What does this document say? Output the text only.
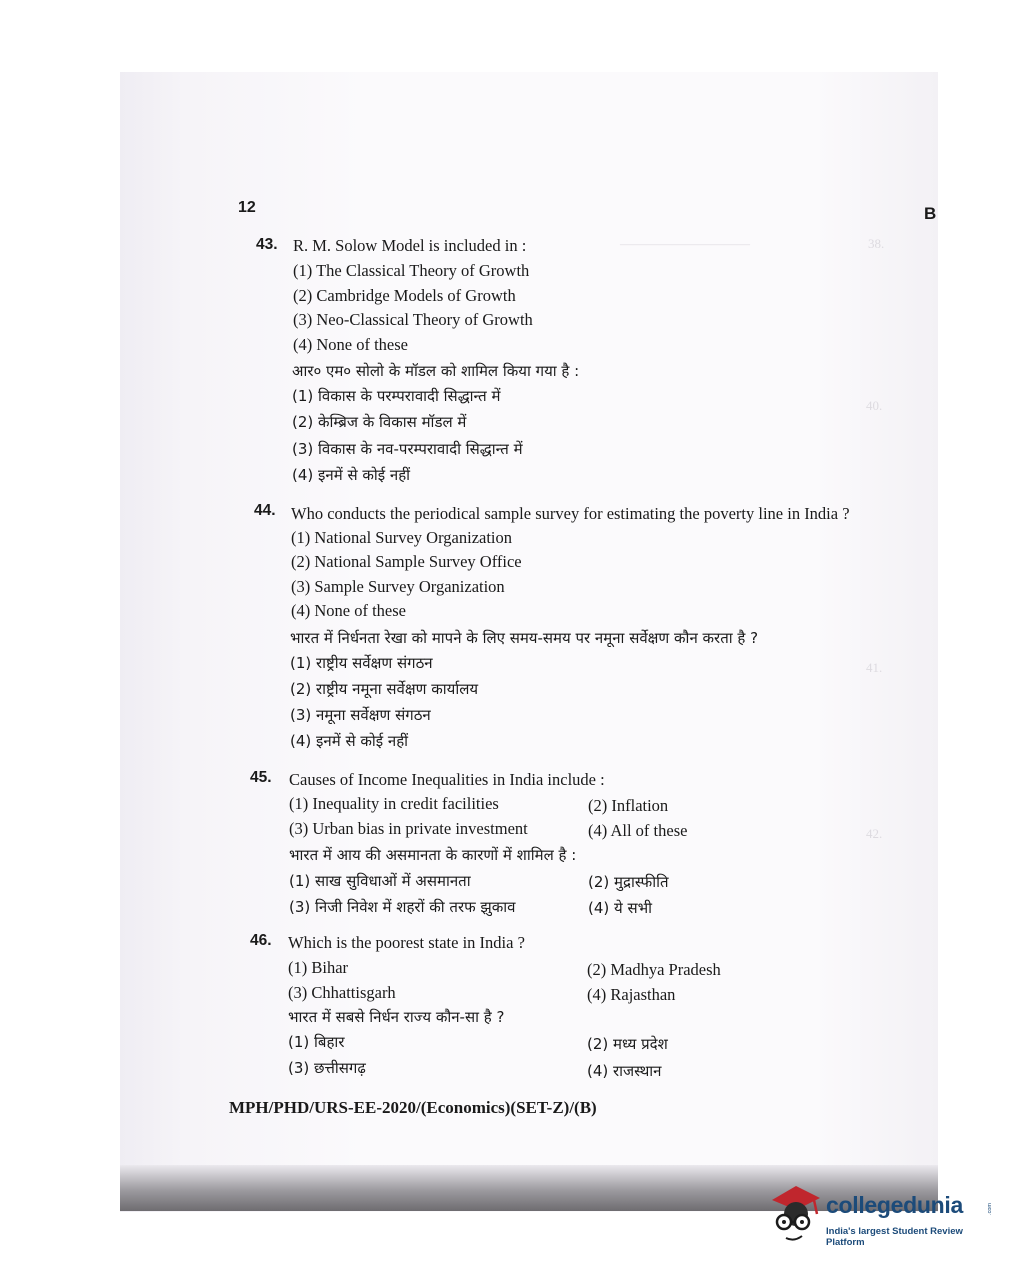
38.
——————————
40.
41.
42.
12	B
43. R. M. Solow Model is included in :
(1) The Classical Theory of Growth
(2) Cambridge Models of Growth
(3) Neo-Classical Theory of Growth
(4) None of these
आर० एम० सोलो के मॉडल को शामिल किया गया है :
(1) विकास के परम्परावादी सिद्धान्त में
(2) केम्ब्रिज के विकास मॉडल में
(3) विकास के नव-परम्परावादी सिद्धान्त में
(4) इनमें से कोई नहीं
44. Who conducts the periodical sample survey for estimating the poverty line in India ?
(1) National Survey Organization
(2) National Sample Survey Office
(3) Sample Survey Organization
(4) None of these
भारत में निर्धनता रेखा को मापने के लिए समय-समय पर नमूना सर्वेक्षण कौन करता है ?
(1) राष्ट्रीय सर्वेक्षण संगठन
(2) राष्ट्रीय नमूना सर्वेक्षण कार्यालय
(3) नमूना सर्वेक्षण संगठन
(4) इनमें से कोई नहीं
45. Causes of Income Inequalities in India include :
(1) Inequality in credit facilities	(2) Inflation
(3) Urban bias in private investment	(4) All of these
भारत में आय की असमानता के कारणों में शामिल है :
(1) साख सुविधाओं में असमानता	(2) मुद्रास्फीति
(3) निजी निवेश में शहरों की तरफ झुकाव	(4) ये सभी
46. Which is the poorest state in India ?
(1) Bihar	(2) Madhya Pradesh
(3) Chhattisgarh	(4) Rajasthan
भारत में सबसे निर्धन राज्य कौन-सा है ?
(1) बिहार	(2) मध्य प्रदेश
(3) छत्तीसगढ़	(4) राजस्थान
MPH/PHD/URS-EE-2020/(Economics)(SET-Z)/(B)
collegedunia	.com
India's largest Student Review Platform
